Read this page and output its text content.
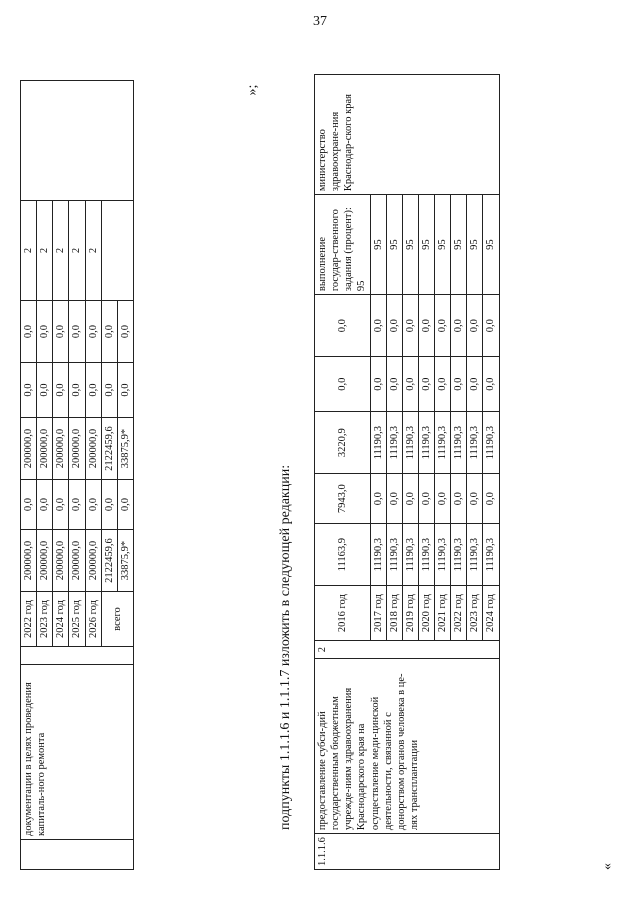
37
	документации в целях проведения капиталь-ного ремонта		2022 год	200000,0	0,0	200000,0	0,0	0,0	2	
			2023 год	200000,0	0,0	200000,0	0,0	0,0	2	
			2024 год	200000,0	0,0	200000,0	0,0	0,0	2	
			2025 год	200000,0	0,0	200000,0	0,0	0,0	2	
			2026 год	200000,0	0,0	200000,0	0,0	0,0	2	
			всего	2122459,6	0,0	2122459,6	0,0	0,0		
				33875,9*	0,0	33875,9*	0,0	0,0		
»;
подпункты 1.1.1.6 и 1.1.1.7 изложить в следующей редакции:
1.1.1.6	предоставление субси-дий государственным бюджетным учрежде-ниям здравоохранения Краснодарского края на осуществление меди-цинской деятельности, связанной с донорством органов человека в це-лях трансплантации	2	2016 год	11163,9	7943,0	3220,9	0,0	0,0	выполнение государ-ственного задания (процент): 95	министерство здравоохране-ния Краснодар-ского края
			2017 год	11190,3	0,0	11190,3	0,0	0,0	95	
			2018 год	11190,3	0,0	11190,3	0,0	0,0	95	
			2019 год	11190,3	0,0	11190,3	0,0	0,0	95	
			2020 год	11190,3	0,0	11190,3	0,0	0,0	95	
			2021 год	11190,3	0,0	11190,3	0,0	0,0	95	
			2022 год	11190,3	0,0	11190,3	0,0	0,0	95	
			2023 год	11190,3	0,0	11190,3	0,0	0,0	95	
			2024 год	11190,3	0,0	11190,3	0,0	0,0	95	
«
